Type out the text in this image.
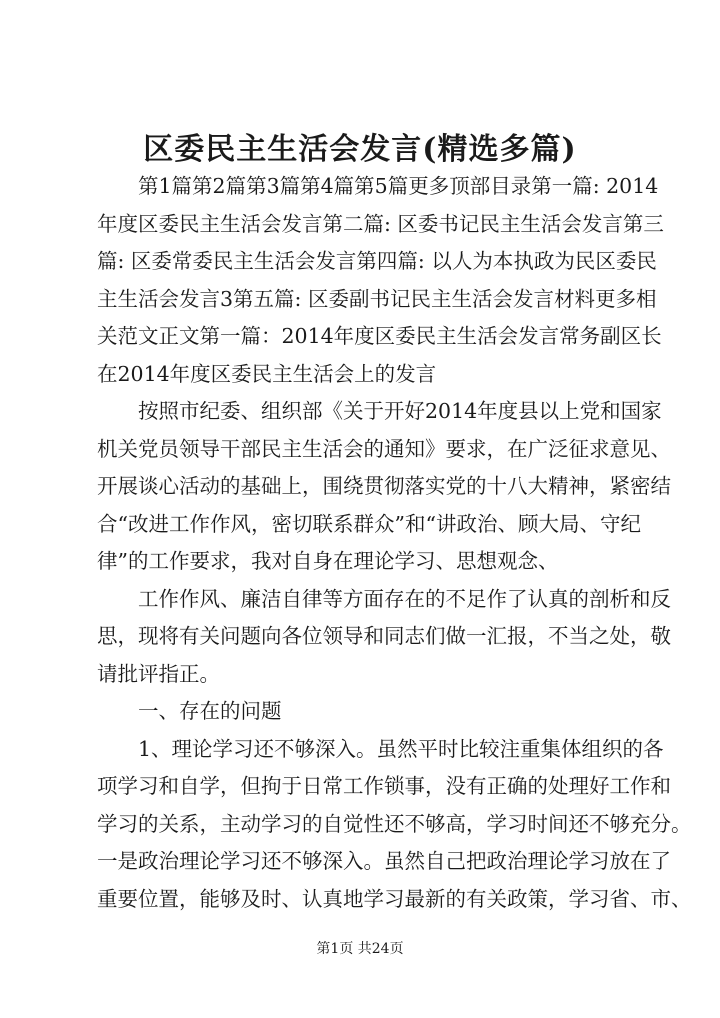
区委民主生活会发言(精选多篇)
第1篇第2篇第3篇第4篇第5篇更多顶部目录第一篇: 2014
年度区委民主生活会发言第二篇: 区委书记民主生活会发言第三
篇: 区委常委民主生活会发言第四篇: 以人为本执政为民区委民
主生活会发言3第五篇: 区委副书记民主生活会发言材料更多相
关范文正文第一篇：2014年度区委民主生活会发言常务副区长
在2014年度区委民主生活会上的发言
按照市纪委、组织部《关于开好2014年度县以上党和国家
机关党员领导干部民主生活会的通知》要求，在广泛征求意见、
开展谈心活动的基础上，围绕贯彻落实党的十八大精神，紧密结
合“改进工作作风，密切联系群众”和“讲政治、顾大局、守纪
律”的工作要求，我对自身在理论学习、思想观念、
工作作风、廉洁自律等方面存在的不足作了认真的剖析和反
思，现将有关问题向各位领导和同志们做一汇报，不当之处，敬
请批评指正。
一、存在的问题
1、理论学习还不够深入。虽然平时比较注重集体组织的各
项学习和自学，但拘于日常工作锁事，没有正确的处理好工作和
学习的关系，主动学习的自觉性还不够高，学习时间还不够充分。
一是政治理论学习还不够深入。虽然自己把政治理论学习放在了
重要位置，能够及时、认真地学习最新的有关政策，学习省、市、
第1页 共24页
